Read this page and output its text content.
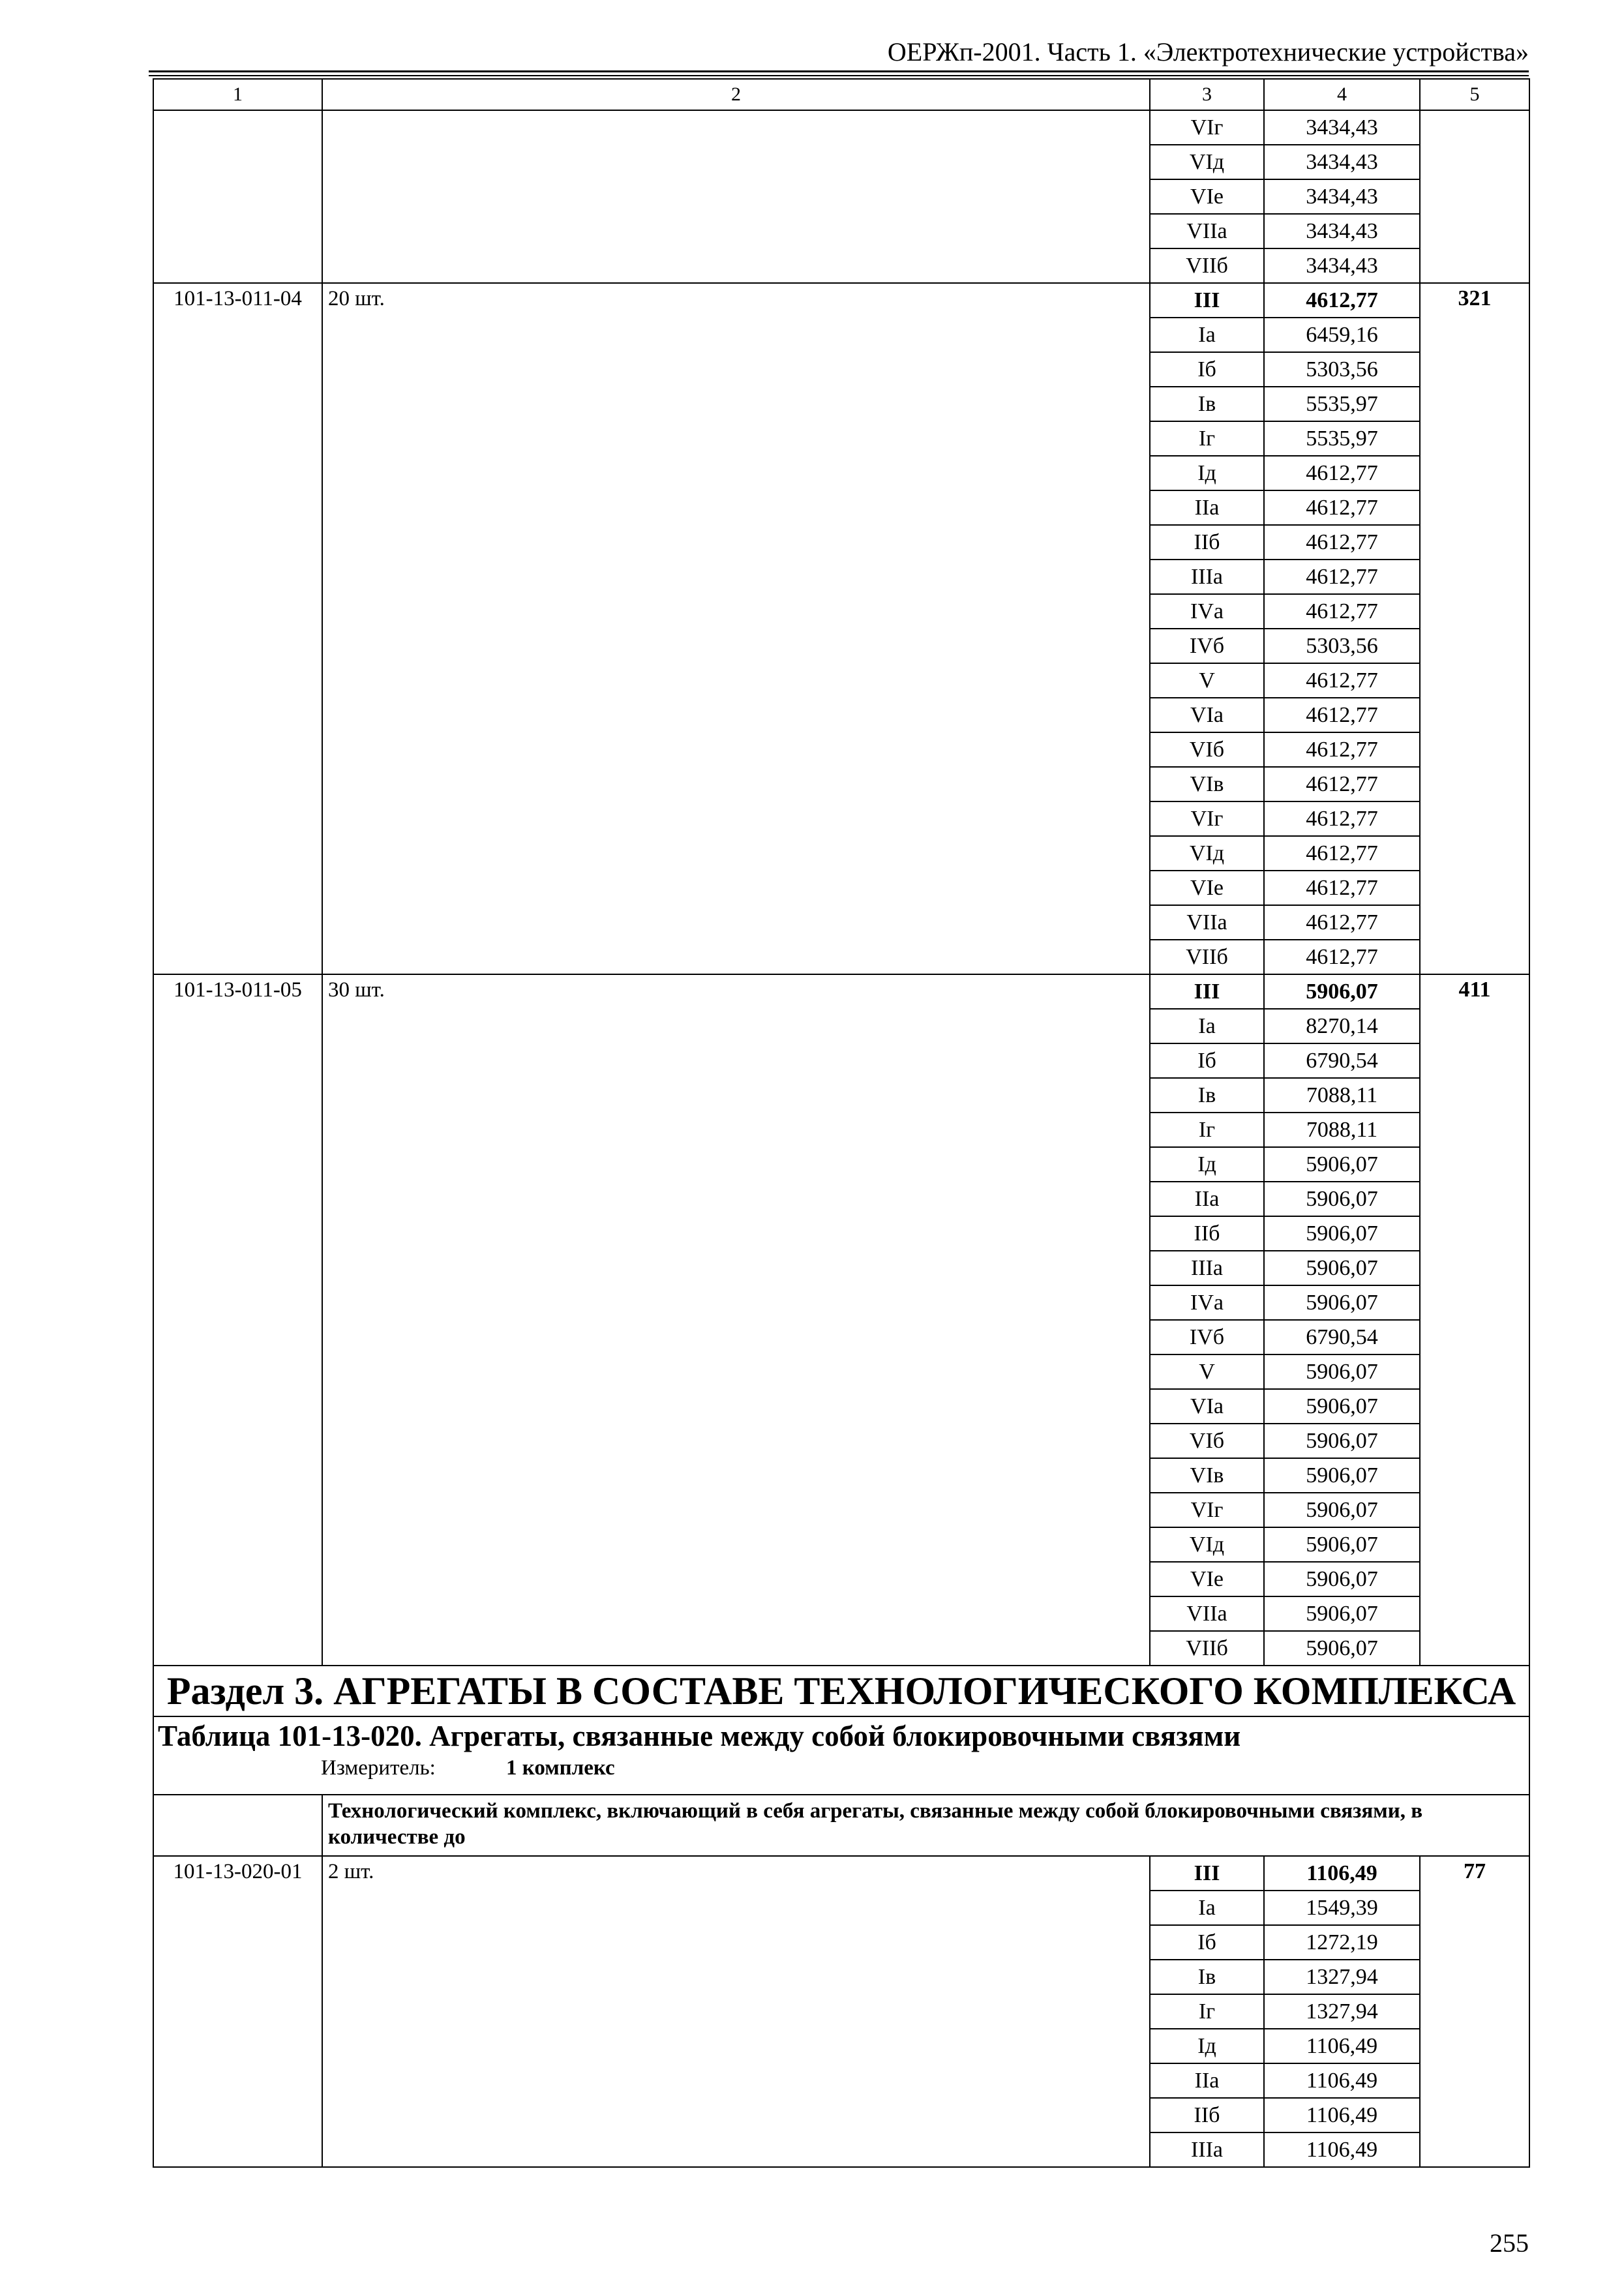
ОЕРЖп-2001. Часть 1. «Электротехнические устройства»
1	2	3	4	5
		VIг	3434,43	
		VIд	3434,43	
		VIе	3434,43	
		VIIа	3434,43	
		VIIб	3434,43	
101-13-011-04	20 шт.	III	4612,77	321
		Iа	6459,16	
		Iб	5303,56	
		Iв	5535,97	
		Iг	5535,97	
		Iд	4612,77	
		IIа	4612,77	
		IIб	4612,77	
		IIIа	4612,77	
		IVа	4612,77	
		IVб	5303,56	
		V	4612,77	
		VIа	4612,77	
		VIб	4612,77	
		VIв	4612,77	
		VIг	4612,77	
		VIд	4612,77	
		VIе	4612,77	
		VIIа	4612,77	
		VIIб	4612,77	
101-13-011-05	30 шт.	III	5906,07	411
		Iа	8270,14	
		Iб	6790,54	
		Iв	7088,11	
		Iг	7088,11	
		Iд	5906,07	
		IIа	5906,07	
		IIб	5906,07	
		IIIа	5906,07	
		IVа	5906,07	
		IVб	6790,54	
		V	5906,07	
		VIа	5906,07	
		VIб	5906,07	
		VIв	5906,07	
		VIг	5906,07	
		VIд	5906,07	
		VIе	5906,07	
		VIIа	5906,07	
		VIIб	5906,07	
Раздел 3. АГРЕГАТЫ В СОСТАВЕ ТЕХНОЛОГИЧЕСКОГО КОМПЛЕКСА				

Таблица 101-13-020. Агрегаты, связанные между собой блокировочными связями
Измеритель: 1 комплекс				

	Технологический комплекс, включающий в себя агрегаты, связанные между собой блокировочными связями, в количестве до			

101-13-020-01	2 шт.	III	1106,49	77
		Iа	1549,39	
		Iб	1272,19	
		Iв	1327,94	
		Iг	1327,94	
		Iд	1106,49	
		IIа	1106,49	
		IIб	1106,49	
		IIIа	1106,49	
255
